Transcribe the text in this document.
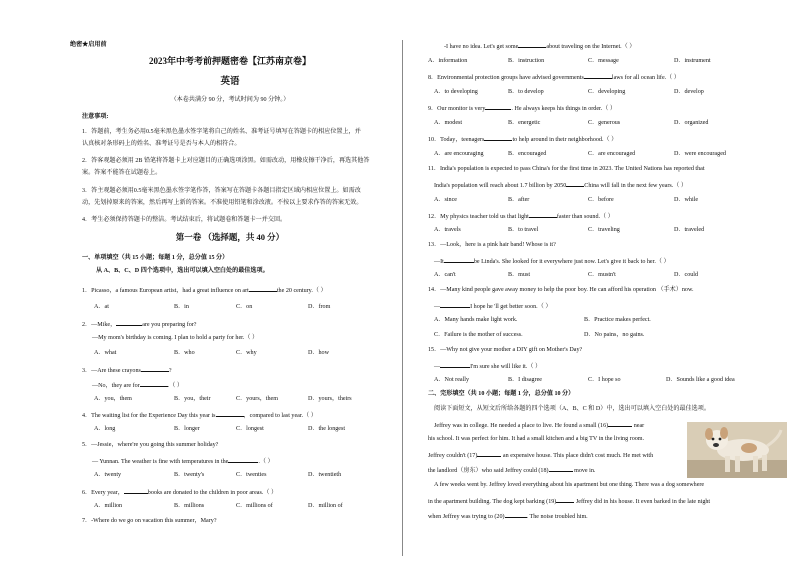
绝密★启用前
2023年中考考前押题密卷【江苏南京卷】
英语
（本卷共满分 90 分，考试时间为 90 分钟。）
注意事项:
1．答题前，考生务必用0.5毫米黑色墨水签字笔将自己的姓名、准考证号填写在答题卡的相应位置上，并
认真核对条形码上的姓名、准考证号是否与本人的相符合。
2．答客观题必须用 2B 铅笔将答题卡上对应题目的正确选项涂黑。如需改动，用橡皮擦干净后，再选其他答
案。答案不能答在试题卷上。
3．答主观题必须用0.5毫米黑色墨水签字笔作答，答案写在答题卡各题目指定区域内相应位置上。如需改
动，先划掉原来的答案，然后再写上新的答案。不准使用铅笔和涂改液。不按以上要求作答的答案无效。
4．考生必须保持答题卡的整洁。考试结束后，将试题卷和答题卡一并交回。
第一卷 （选择题，共 40 分）
一、单项填空（共 15 小题；每题 1 分，总分值 15 分）
从 A、B、C、D 四个选项中，选出可以填入空白处的最佳选项。
1．Picasso，a famous European artist，had a great influence on art	the 20 century.（ ）
A．at	B．in	C．on	D．from
2．—Mike，	are you preparing for?
—My mom's birthday is coming. I plan to hold a party for her.（ ）
A．what	B．who	C．why	D．how
3．—Are these crayons	?
—No，they are for	.（ ）
A．you，them	B．you，their	C．yours，them	D．yours，theirs
4．The waiting list for the Experience Day this year is	，compared to last year.（ ）
A．long	B．longer	C．longest	D．the longest
5．—Jessie，where're you going this summer holiday?
— Yunnan. The weather is fine with temperatures in the	.（ ）
A．twenty	B．twenty's	C．twenties	D．twentieth
6．Every year，	books are donated to the children in poor areas.（ ）
A．million	B．millions	C．millions of	D．million of
7．-Where do we go on vacation this summer，Mary?
-I have no idea. Let's get some	about traveling on the Internet.（ ）
A．information	B．instruction	C．message	D．instrument
8．Environmental protection groups have advised governments	laws for all ocean life.（ ）
A．to developing	B．to develop	C．developing	D．develop
9．Our monitor is very	. He always keeps his things in order.（ ）
A．modest	B．energetic	C．generous	D．organized
10．Today，teenagers	to help around in their neighborhood.（ ）
A．are encouraging	B．encouraged	C．are encouraged	D．were encouraged
11．India's population is expected to pass China's for the first time in 2023. The United Nations has reported that
India's population will reach about 1.7 billion by 2050	China will fall in the next few years.（ ）
A．since	B．after	C．before	D．while
12．My physics teacher told us that light	faster than sound.（ ）
A．travels	B．to travel	C．traveling	D．traveled
13．—Look，here is a pink hair band! Whose is it?
—It	be Linda's. She looked for it everywhere just now. Let's give it back to her.（ ）
A．can't	B．must	C．mustn't	D．could
14．—Many kind people gave away money to help the poor boy. He can afford his operation （手术）now.
—	I hope he 'll get better soon.（ ）
A．Many hands make light work.	B．Practice makes perfect.
C．Failure is the mother of success.	D．No pains，no gains.
15．—Why not give your mother a DIY gift on Mother's Day?
—	I'm sure she will like it.（ ）
A．Not really	B．I disagree	C．I hope so	D．Sounds like a good idea
二、完形填空（共 10 小题；每题 1 分，总分值 10 分）
阅读下面短文，从短文后所给各题的四个选项（A、B、C 和 D）中，选出可以填入空白处的最佳选项。
Jeffrey was in college. He needed a place to live. He found a small (16)	near
his school. It was perfect for him. It had a small kitchen and a big TV in the living room.
Jeffrey couldn't (17)	an expensive house. This place didn't cost much. He met with
the landlord（房东）who said Jeffrey could (18)	move in.
A few weeks went by. Jeffrey loved everything about his apartment but one thing. There was a dog somewhere
in the apartment building. The dog kept barking (19)	Jeffrey did in his house. It even barked in the late night
when Jeffrey was trying to (20)	. The noise troubled him.
